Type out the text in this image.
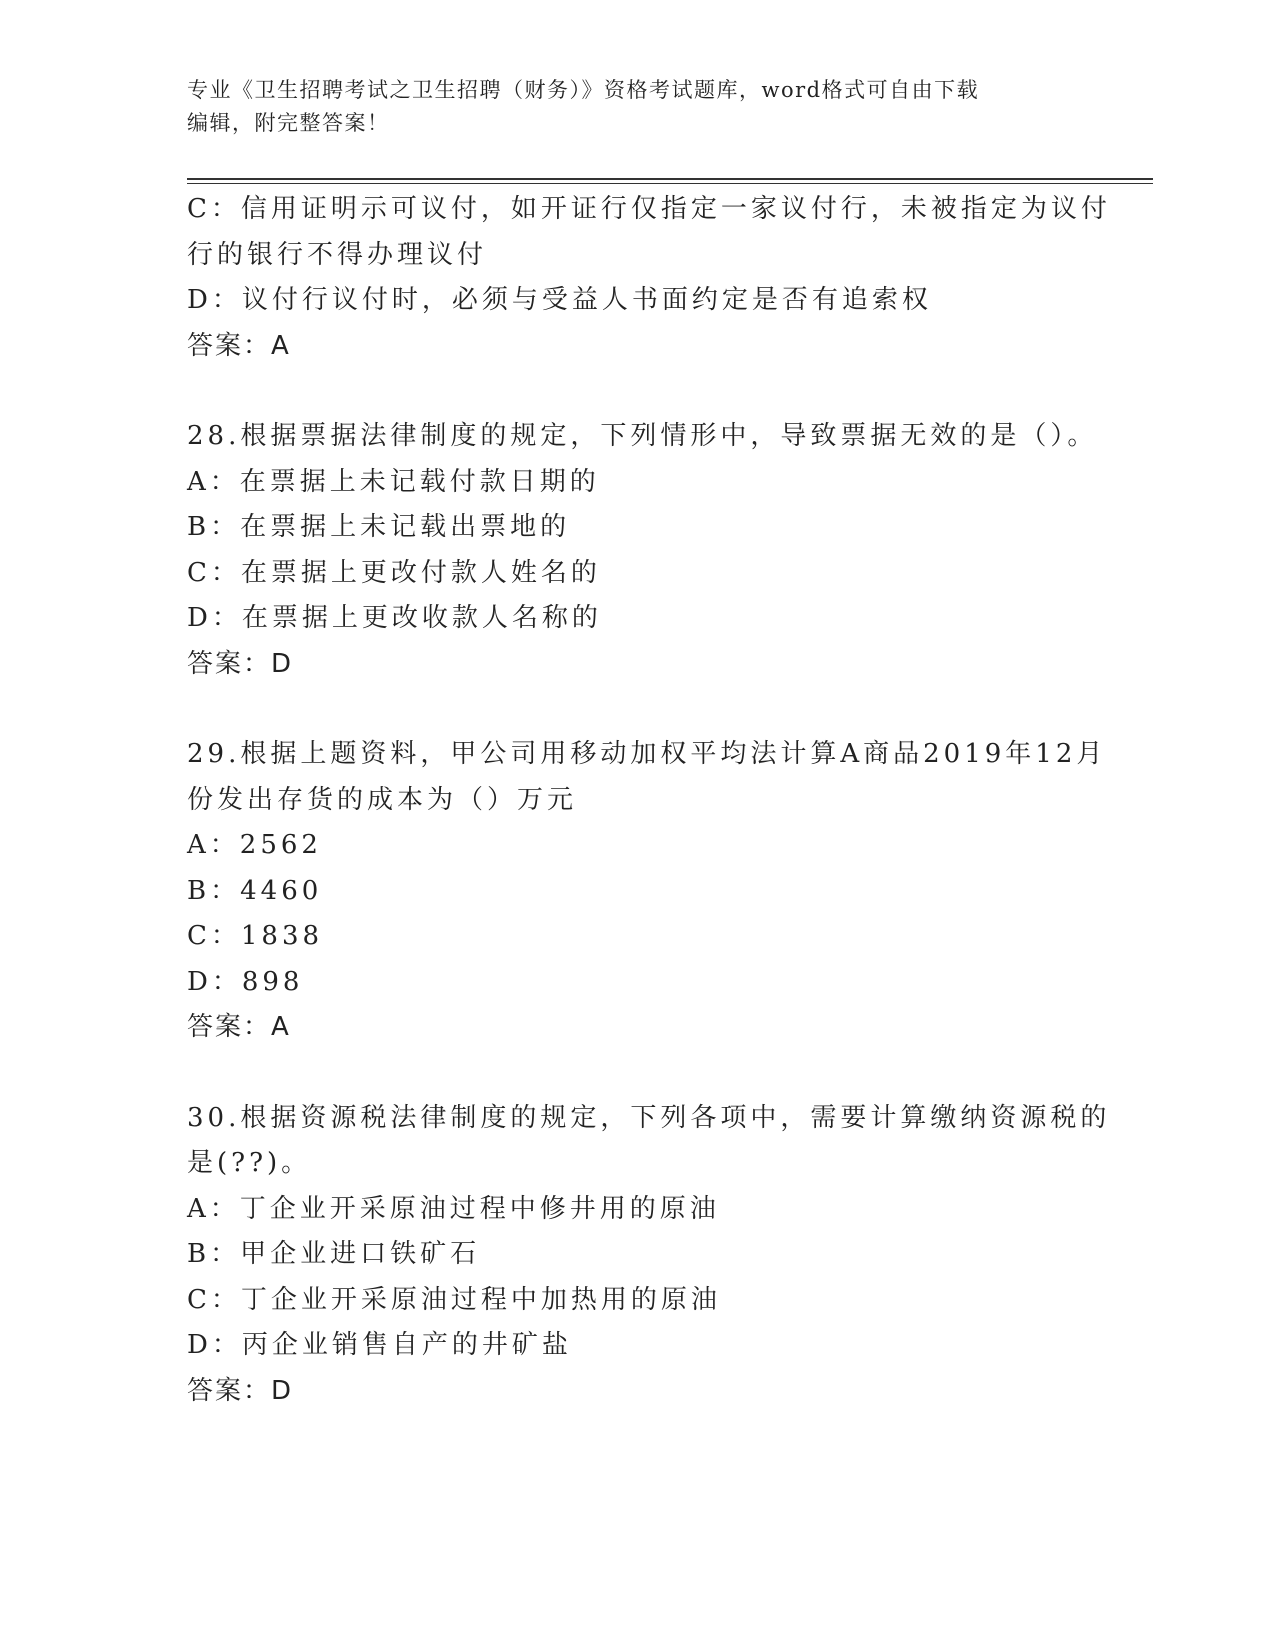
专业《卫生招聘考试之卫生招聘（财务）》资格考试题库，word格式可自由下载
编辑，附完整答案！
C：信用证明示可议付，如开证行仅指定一家议付行，未被指定为议付
行的银行不得办理议付
D：议付行议付时，必须与受益人书面约定是否有追索权
答案：A
28.根据票据法律制度的规定，下列情形中，导致票据无效的是（）。
A：在票据上未记载付款日期的
B：在票据上未记载出票地的
C：在票据上更改付款人姓名的
D：在票据上更改收款人名称的
答案：D
29.根据上题资料，甲公司用移动加权平均法计算A商品2019年12月
份发出存货的成本为（）万元
A：2562
B：4460
C：1838
D：898
答案：A
30.根据资源税法律制度的规定，下列各项中，需要计算缴纳资源税的
是(??)。
A：丁企业开采原油过程中修井用的原油
B：甲企业进口铁矿石
C：丁企业开采原油过程中加热用的原油
D：丙企业销售自产的井矿盐
答案：D
